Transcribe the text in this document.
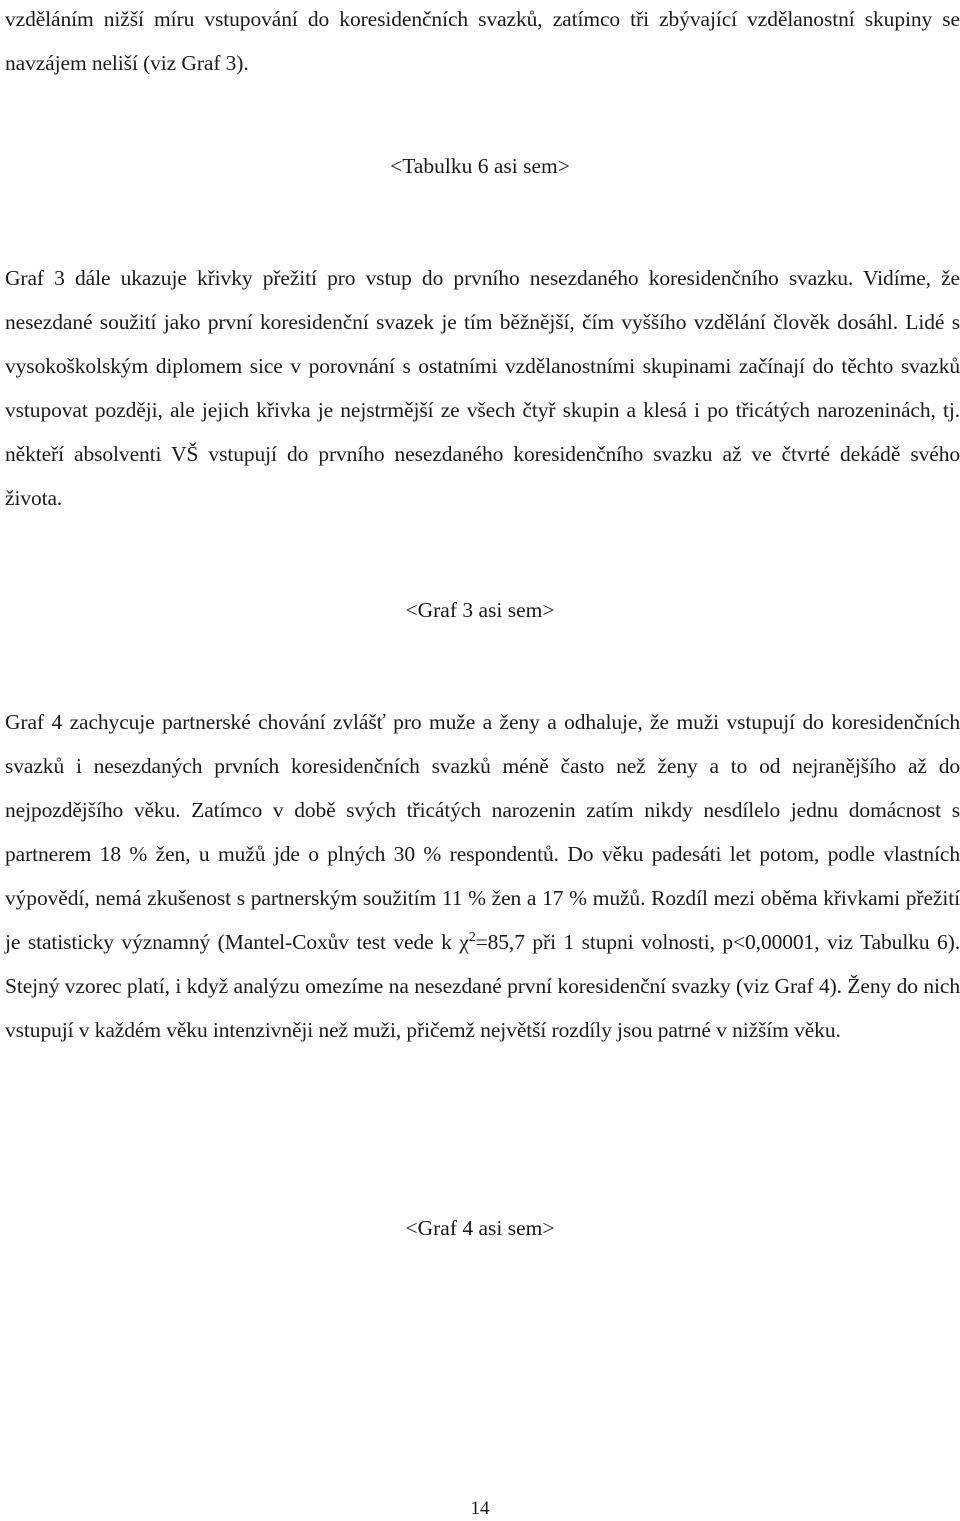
vzděláním nižší míru vstupování do koresidenčních svazků, zatímco tři zbývající vzdělanostní skupiny se navzájem neliší (viz Graf 3).

<Tabulku 6 asi sem>

Graf 3 dále ukazuje křivky přežití pro vstup do prvního nesezdaného koresidenčního svazku. Vidíme, že nesezdané soužití jako první koresidenční svazek je tím běžnější, čím vyššího vzdělání člověk dosáhl. Lidé s vysokoškolským diplomem sice v porovnání s ostatními vzdělanostními skupinami začínají do těchto svazků vstupovat později, ale jejich křivka je nejstrmější ze všech čtyř skupin a klesá i po třicátých narozeninách, tj. někteří absolventi VŠ vstupují do prvního nesezdaného koresidenčního svazku až ve čtvrté dekádě svého života.

<Graf 3 asi sem>

Graf 4 zachycuje partnerské chování zvlášť pro muže a ženy a odhaluje, že muži vstupují do koresidenčních svazků i nesezdaných prvních koresidenčních svazků méně často než ženy a to od nejranějšího až do nejpozdějšího věku. Zatímco v době svých třicátých narozenin zatím nikdy nesdílelo jednu domácnost s partnerem 18 % žen, u mužů jde o plných 30 % respondentů. Do věku padesáti let potom, podle vlastních výpovědí, nemá zkušenost s partnerským soužitím 11 % žen a 17 % mužů. Rozdíl mezi oběma křivkami přežití je statisticky významný (Mantel-Coxův test vede k $\chi^2=85,7$ při 1 stupni volnosti, p<0,00001, viz Tabulku 6). Stejný vzorec platí, i když analýzu omezíme na nesezdané první koresidenční svazky (viz Graf 4). Ženy do nich vstupují v každém věku intenzivněji než muži, přičemž největší rozdíly jsou patrné v nižším věku.

<Graf 4 asi sem>

14
